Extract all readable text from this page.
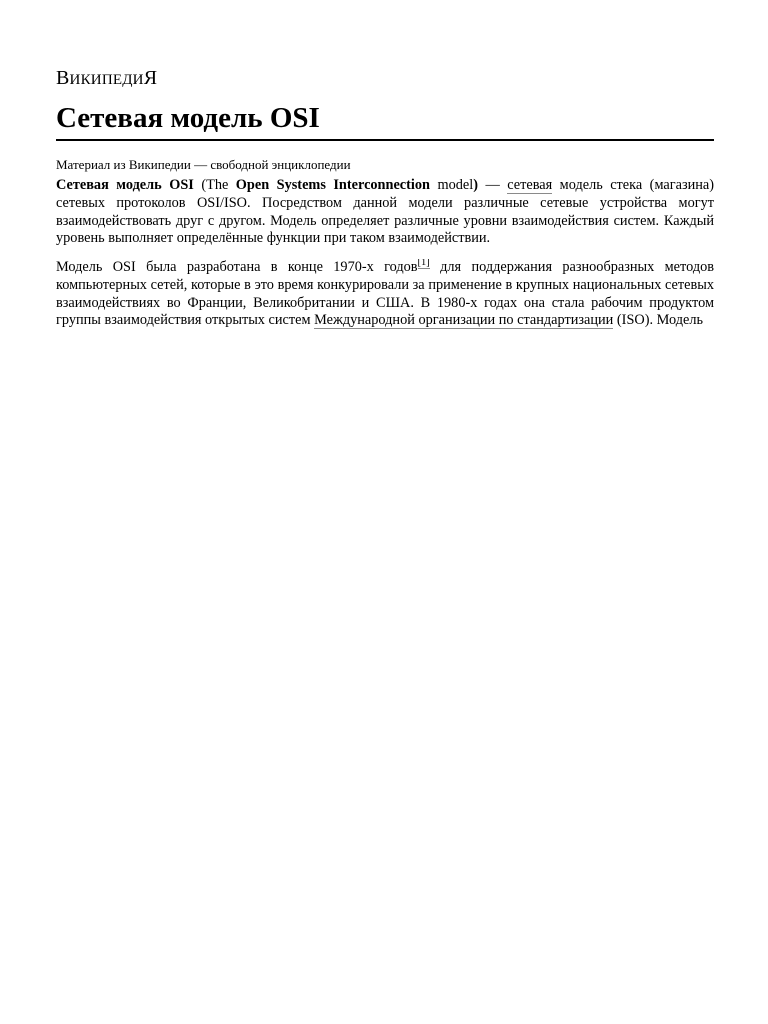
ВИКИПЕДИЯ
Сетевая модель OSI
Материал из Википедии — свободной энциклопедии

Сетевая модель OSI (The Open Systems Interconnection model) — сетевая модель стека (магазина) сетевых протоколов OSI/ISO. Посредством данной модели различные сетевые устройства могут взаимодействовать друг с другом. Модель определяет различные уровни взаимодействия систем. Каждый уровень выполняет определённые функции при таком взаимодействии.

Модель OSI была разработана в конце 1970-х годов[1] для поддержания разнообразных методов компьютерных сетей, которые в это время конкурировали за применение в крупных национальных сетевых взаимодействиях во Франции, Великобритании и США. В 1980-х годах она стала рабочим продуктом группы взаимодействия открытых систем Международной организации по стандартизации (ISO). Модель
